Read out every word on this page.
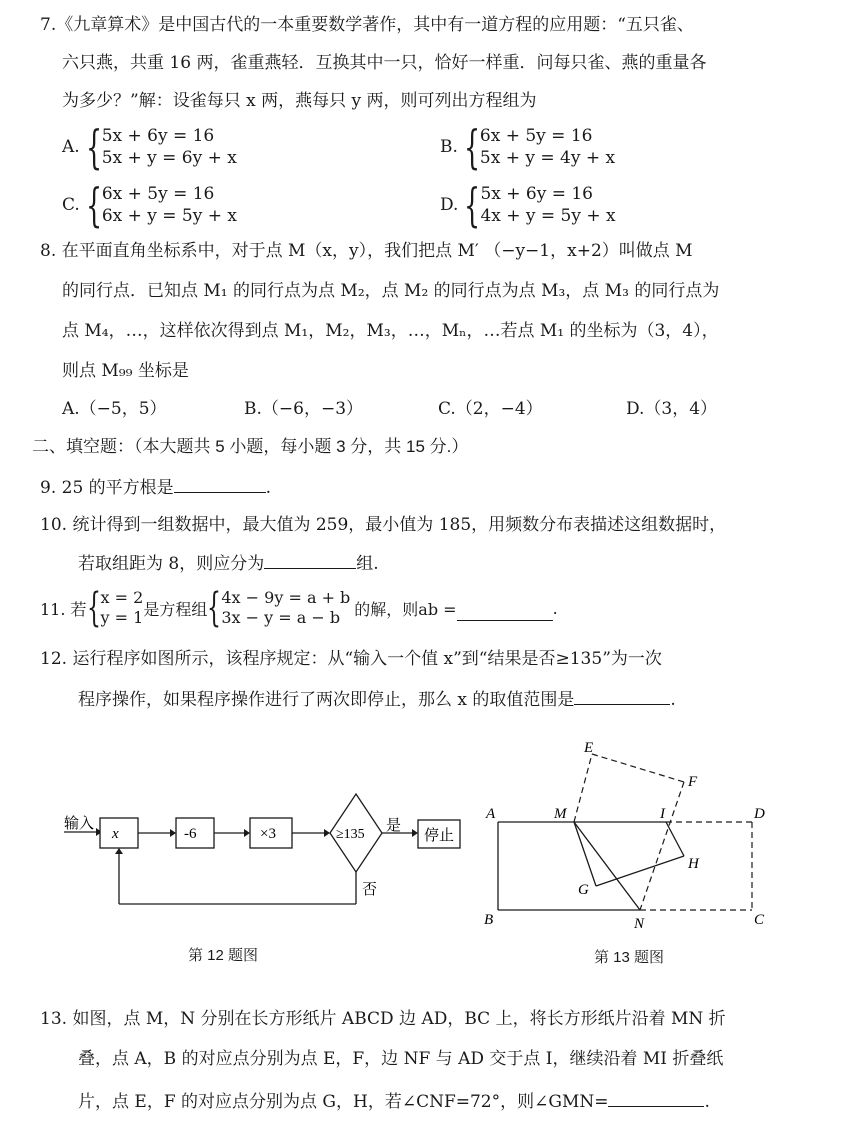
7.《九章算术》是中国古代的一本重要数学著作，其中有一道方程的应用题：“五只雀、
六只燕，共重 16 两，雀重燕轻．互换其中一只，恰好一样重．问每只雀、燕的重量各
为多少？”解：设雀每只 x 两，燕每只 y 两，则可列出方程组为
A. { 5x + 6y = 16
5x + y = 6y + x
B. { 6x + 5y = 16
5x + y = 4y + x
C. { 6x + 5y = 16
6x + y = 5y + x
D. { 5x + 6y = 16
4x + y = 5y + x
8. 在平面直角坐标系中，对于点 M（x，y），我们把点 M′ （−y−1，x+2）叫做点 M
的同行点．已知点 M₁ 的同行点为点 M₂，点 M₂ 的同行点为点 M₃，点 M₃ 的同行点为
点 M₄，…，这样依次得到点 M₁，M₂，M₃，…，Mₙ，…若点 M₁ 的坐标为（3，4），
则点 M₉₉ 坐标是
A.（−5，5）	B.（−6，−3）	C.（2，−4）	D.（3，4）
二、填空题：（本大题共 5 小题，每小题 3 分，共 15 分.）
9. 25 的平方根是	.
10. 统计得到一组数据中，最大值为 259，最小值为 185，用频数分布表描述这组数据时，
若取组距为 8，则应分为	组.
11. 若 { x = 2
y = 1 是方程组 { 4x − 9y = a + b
3x − y = a − b 的解，则ab =	.
12. 运行程序如图所示，该程序规定：从“输入一个值 x”到“结果是否≥135”为一次
程序操作，如果程序操作进行了两次即停止，那么 x 的取值范围是	.
输入
x	-6	×3	≥135
是
停止
否
第 12 题图
A
B	C
D
E
F
G
H
I
M
N
第 13 题图
13. 如图，点 M，N 分别在长方形纸片 ABCD 边 AD，BC 上，将长方形纸片沿着 MN 折
叠，点 A，B 的对应点分别为点 E，F，边 NF 与 AD 交于点 I，继续沿着 MI 折叠纸
片，点 E，F 的对应点分别为点 G，H，若∠CNF=72°，则∠GMN=	.
